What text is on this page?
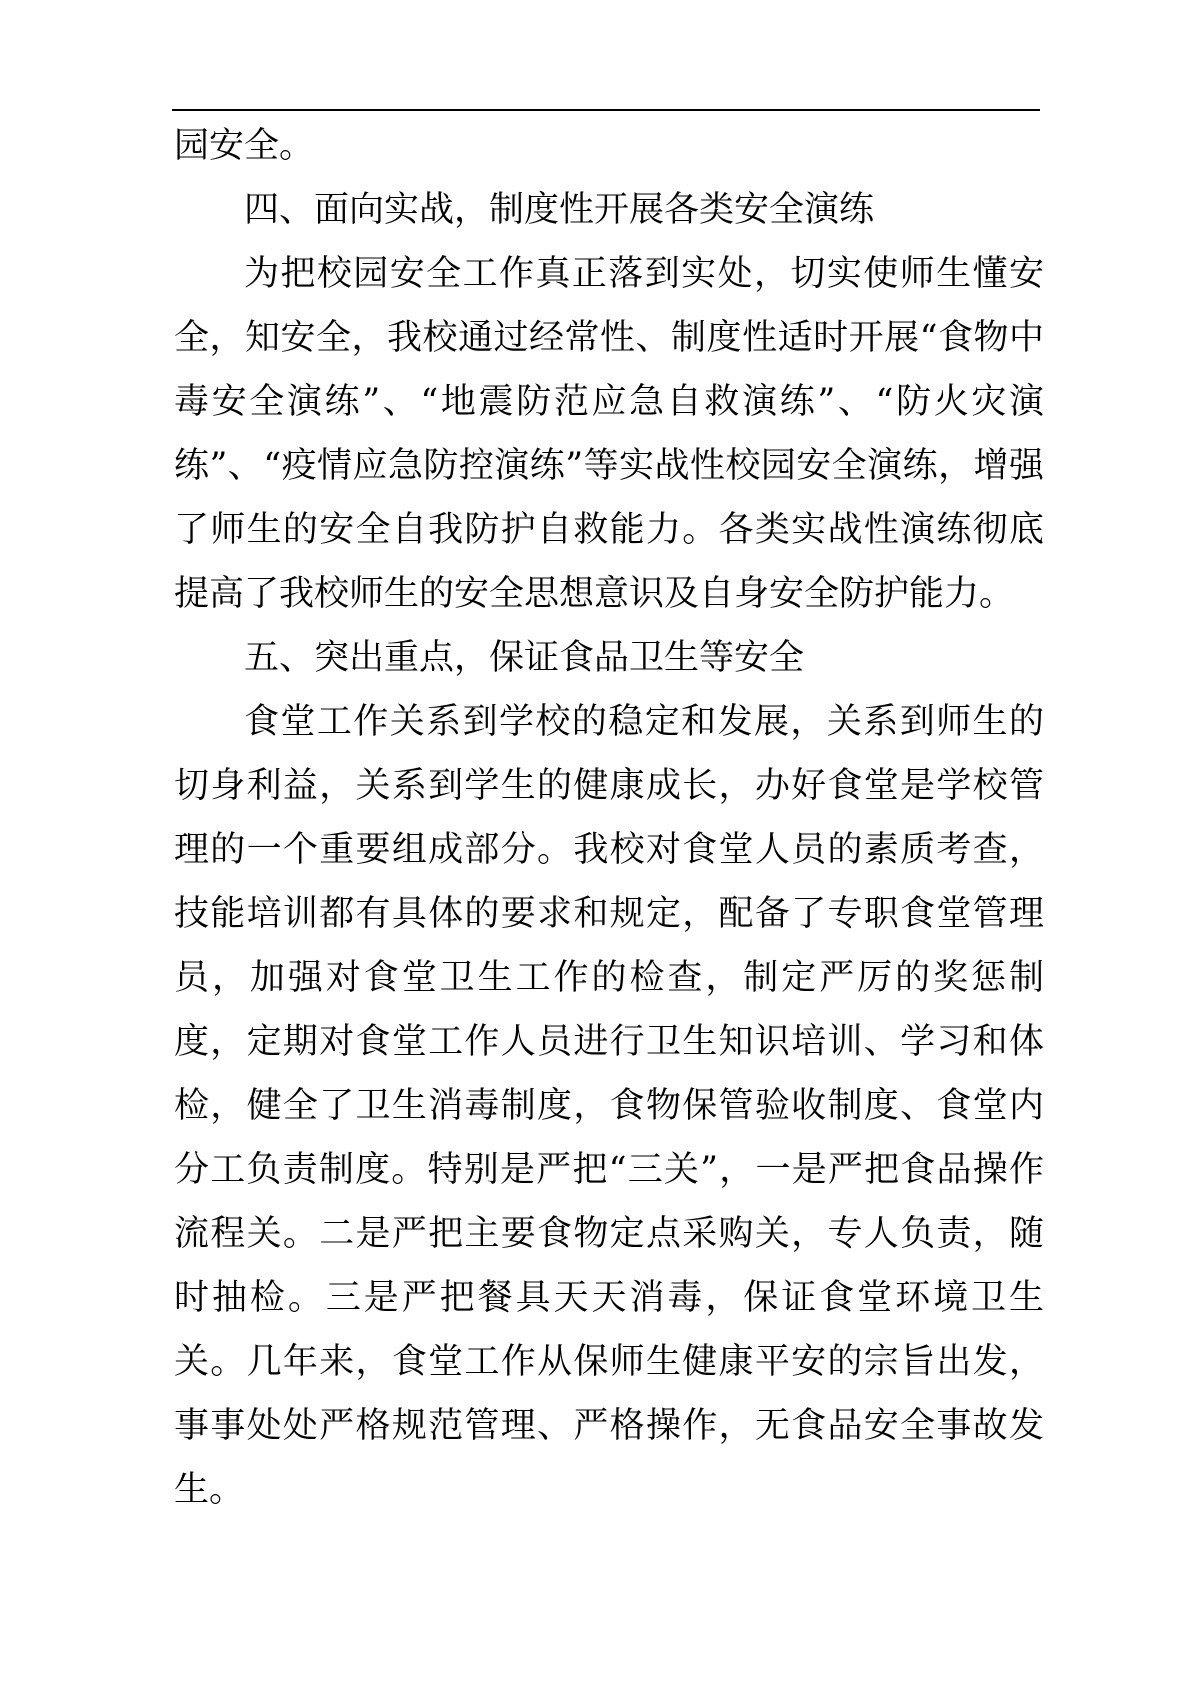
园安全。

四、面向实战，制度性开展各类安全演练

为把校园安全工作真正落到实处，切实使师生懂安全，知安全，我校通过经常性、制度性适时开展“食物中毒安全演练”、“地震防范应急自救演练”、“防火灾演练”、“疫情应急防控演练”等实战性校园安全演练，增强了师生的安全自我防护自救能力。各类实战性演练彻底提高了我校师生的安全思想意识及自身安全防护能力。

五、突出重点，保证食品卫生等安全

食堂工作关系到学校的稳定和发展，关系到师生的切身利益，关系到学生的健康成长，办好食堂是学校管理的一个重要组成部分。我校对食堂人员的素质考查，技能培训都有具体的要求和规定，配备了专职食堂管理员，加强对食堂卫生工作的检查，制定严厉的奖惩制度，定期对食堂工作人员进行卫生知识培训、学习和体检，健全了卫生消毒制度，食物保管验收制度、食堂内分工负责制度。特别是严把“三关”，一是严把食品操作流程关。二是严把主要食物定点采购关，专人负责，随时抽检。三是严把餐具天天消毒，保证食堂环境卫生关。几年来，食堂工作从保师生健康平安的宗旨出发，事事处处严格规范管理、严格操作，无食品安全事故发生。
